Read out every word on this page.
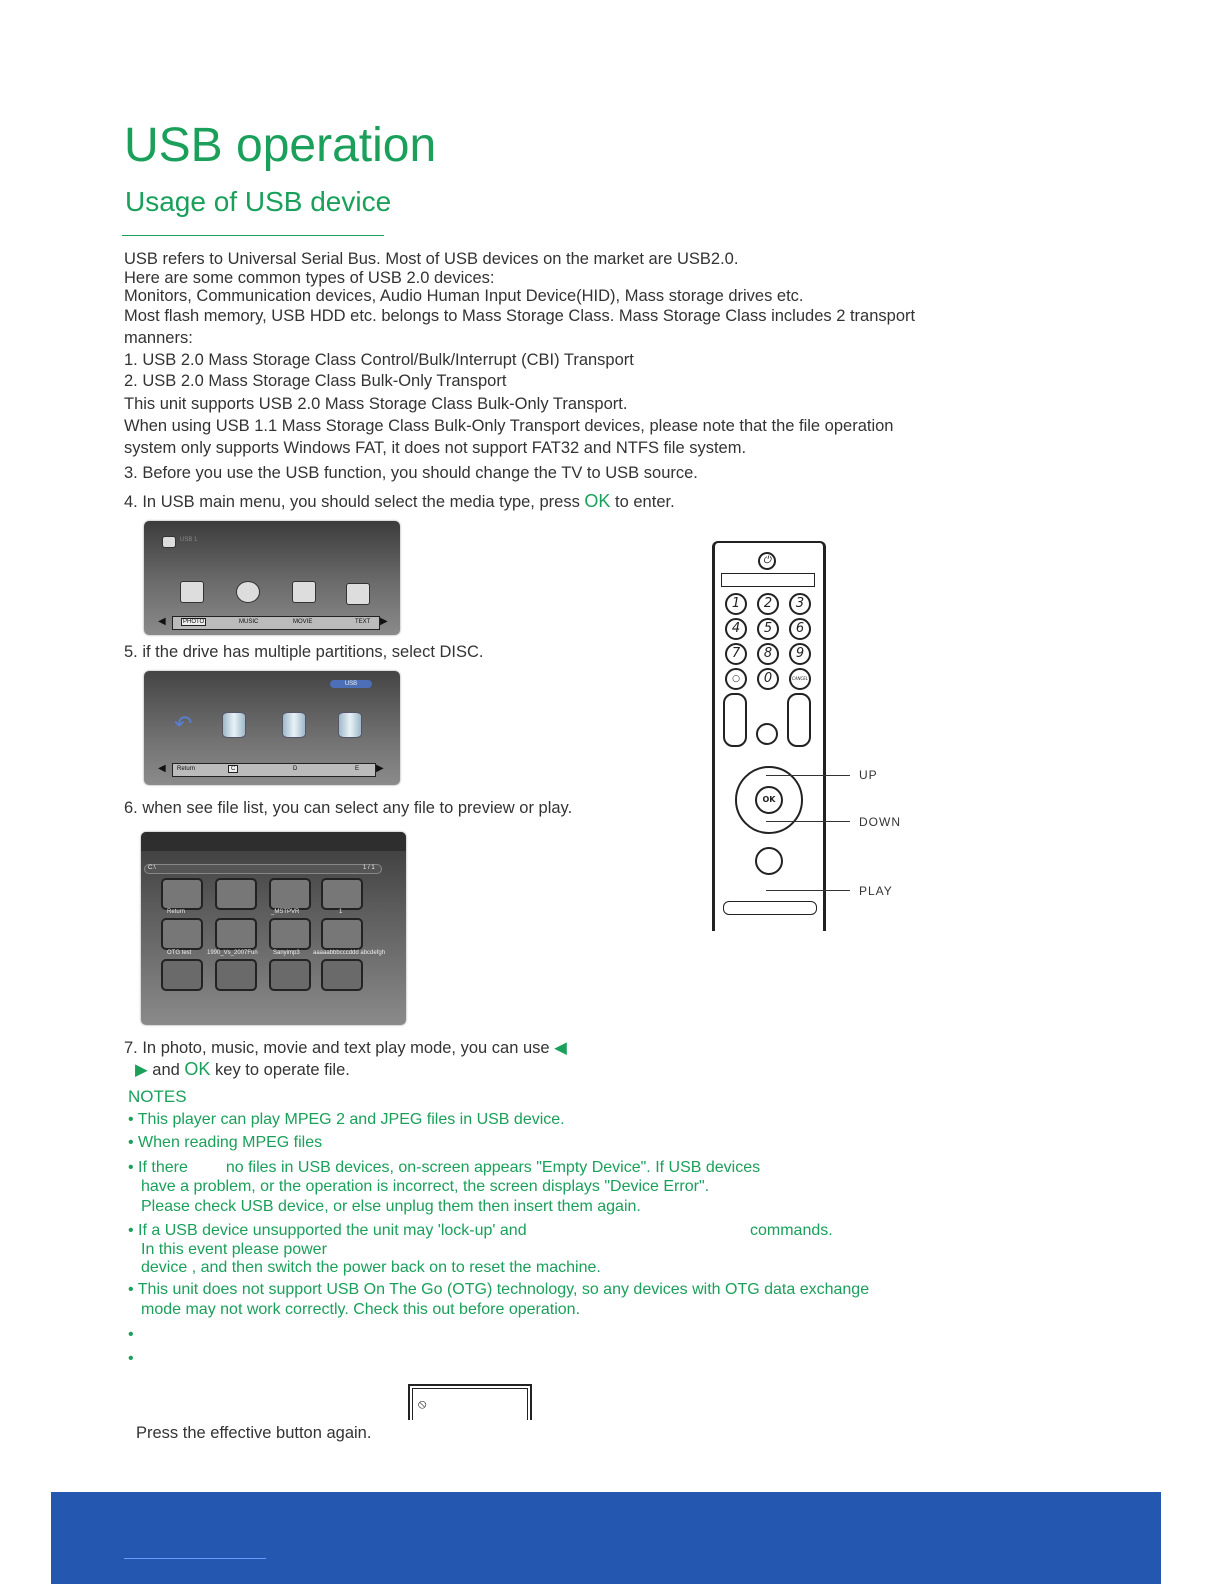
USB operation
Usage of USB device
USB refers to Universal Serial Bus. Most of USB devices on the market are USB2.0.
Here are some common types of USB 2.0 devices:
Monitors, Communication devices, Audio Human Input Device(HID), Mass storage drives etc.
Most flash memory, USB HDD etc. belongs to Mass Storage Class. Mass Storage Class includes 2 transport
manners:
1. USB 2.0 Mass Storage Class Control/Bulk/Interrupt (CBI) Transport
2. USB 2.0 Mass Storage Class Bulk-Only Transport
This unit supports USB 2.0 Mass Storage Class Bulk-Only Transport.
When using USB 1.1 Mass Storage Class Bulk-Only Transport devices, please note that the file operation
system only supports Windows FAT, it does not support FAT32 and NTFS file system.
3. Before you use the USB function, you should change the TV to USB source.
4. In USB main menu, you should select the media type, press OK to enter.
USB 1
◀	PHOTO	MUSIC	MOVIE	TEXT ▶
5. if the drive has multiple partitions, select DISC.
USB
↶
◀ Return	C	D	E ▶
6. when see file list, you can select any file to preview or play.
C:\	1 / 1
Return	_MSTPVR	1
OTG test	1990_Vs_2007Fun	Sanyimp3 aaaaabbbcccddd abcdefgh
⏻
1	2	3
4	5	6
7	8	9
○	0	CANCEL
OK
UP
DOWN
PLAY
7. In photo, music, movie and text play mode, you can use ◀
▶ and OK key to operate file.
NOTES
• This player can play MPEG 2 and JPEG files in USB device.
• When reading MPEG files
• If there no files in USB devices, on-screen appears "Empty Device". If USB devices
have a problem, or the operation is incorrect, the screen displays "Device Error".
Please check USB device, or else unplug them then insert them again.
• If a USB device unsupported the unit may 'lock-up' and	commands.
In this event please power
device , and then switch the power back on to reset the machine.
• This unit does not support USB On The Go (OTG) technology, so any devices with OTG data exchange
mode may not work correctly. Check this out before operation.
•
•
⦸
Press the effective button again.
